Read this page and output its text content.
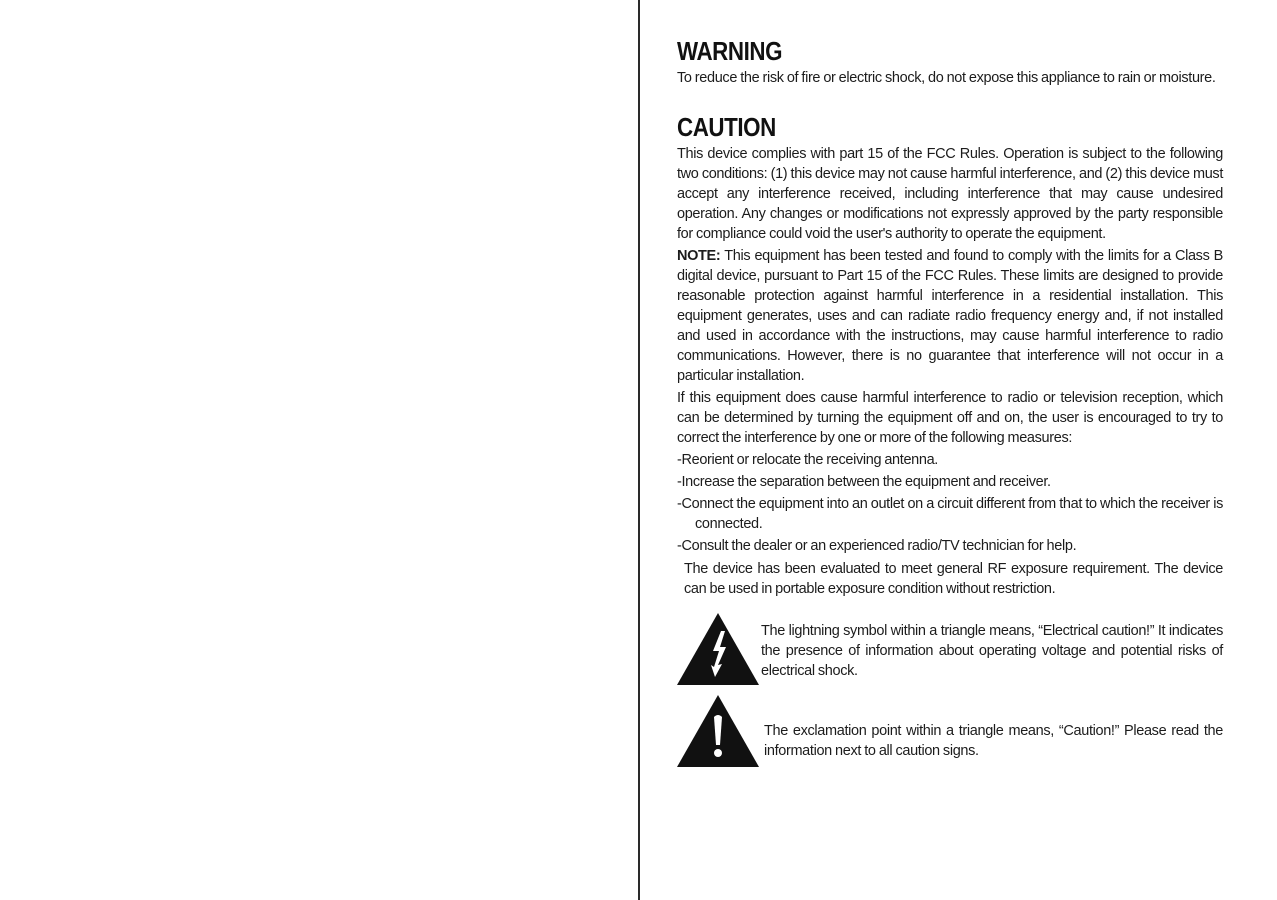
WARNING

To reduce the risk of fire or electric shock, do not expose this appliance to rain or moisture.

CAUTION

This device complies with part 15 of the FCC Rules. Operation is subject to the following two conditions: (1) this device may not cause harmful interference, and (2) this device must accept any interference received, including interference that may cause undesired operation. Any changes or modifications not expressly approved by the party responsible for compliance could void the user's authority to operate the equipment.

NOTE: This equipment has been tested and found to comply with the limits for a Class B digital device, pursuant to Part 15 of the FCC Rules. These limits are designed to provide reasonable protection against harmful interference in a residential installation. This equipment generates, uses and can radiate radio frequency energy and, if not installed and used in accordance with the instructions, may cause harmful interference to radio communications. However, there is no guarantee that interference will not occur in a particular installation.

If this equipment does cause harmful interference to radio or television reception, which can be determined by turning the equipment off and on, the user is encouraged to try to correct the interference by one or more of the following measures:

-Reorient or relocate the receiving antenna.
-Increase the separation between the equipment and receiver.
-Connect the equipment into an outlet on a circuit different from that to which the receiver is connected.
-Consult the dealer or an experienced radio/TV technician for help.

The device has been evaluated to meet general RF exposure requirement. The device can be used in portable exposure condition without restriction.

The lightning symbol within a triangle means, “Electrical caution!” It indicates the presence of information about operating voltage and potential risks of electrical shock.
The exclamation point within a triangle means, “Caution!” Please read the information next to all caution signs.
